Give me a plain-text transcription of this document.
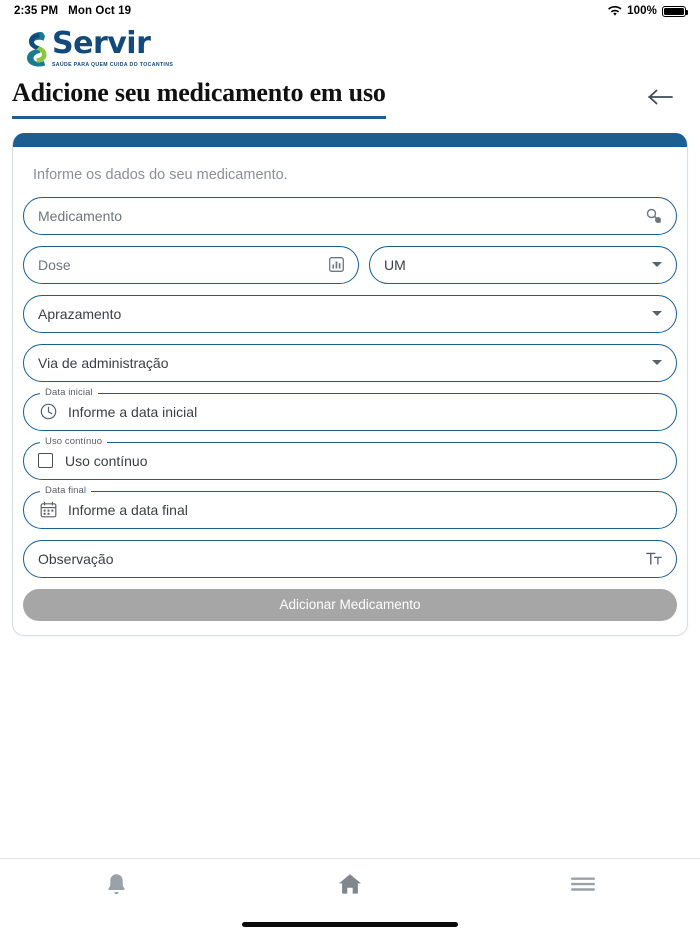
2:35 PM Mon Oct 19	100%
Servir
SAÚDE PARA QUEM CUIDA DO TOCANTINS
Adicione seu medicamento em uso
Informe os dados do seu medicamento.
Medicamento
Dose	UM
Aprazamento
Via de administração
Data inicial
Informe a data inicial
Uso contínuo
Uso contínuo
Data final
Informe a data final
Observação
Adicionar Medicamento
